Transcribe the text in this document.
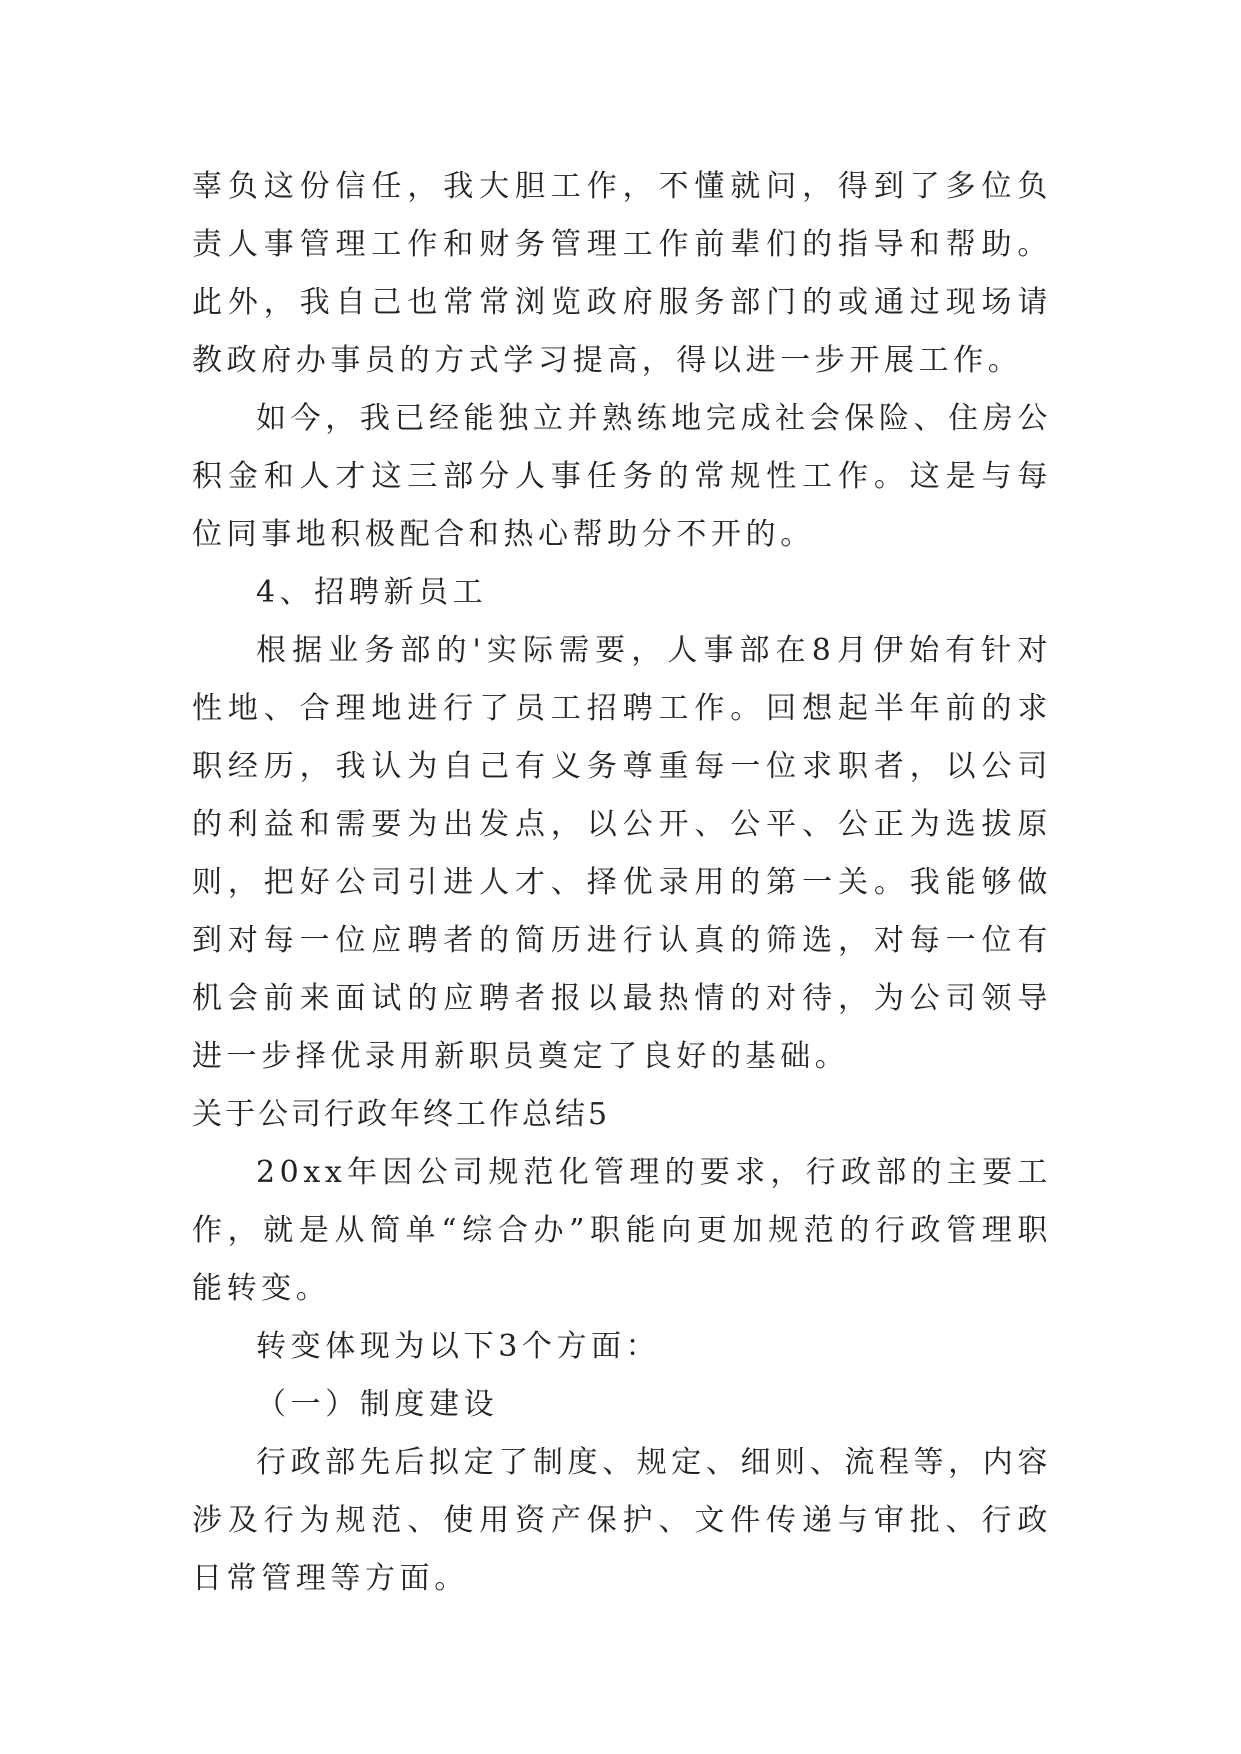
辜负这份信任，我大胆工作，不懂就问，得到了多位负责人事管理工作和财务管理工作前辈们的指导和帮助。此外，我自己也常常浏览政府服务部门的或通过现场请教政府办事员的方式学习提高，得以进一步开展工作。

如今，我已经能独立并熟练地完成社会保险、住房公积金和人才这三部分人事任务的常规性工作。这是与每位同事地积极配合和热心帮助分不开的。

4、招聘新员工

根据业务部的'实际需要，人事部在8月伊始有针对性地、合理地进行了员工招聘工作。回想起半年前的求职经历，我认为自己有义务尊重每一位求职者，以公司的利益和需要为出发点，以公开、公平、公正为选拔原则，把好公司引进人才、择优录用的第一关。我能够做到对每一位应聘者的简历进行认真的筛选，对每一位有机会前来面试的应聘者报以最热情的对待，为公司领导进一步择优录用新职员奠定了良好的基础。

关于公司行政年终工作总结5

20xx年因公司规范化管理的要求，行政部的主要工作，就是从简单“综合办”职能向更加规范的行政管理职能转变。

转变体现为以下3个方面：

（一）制度建设

行政部先后拟定了制度、规定、细则、流程等，内容涉及行为规范、使用资产保护、文件传递与审批、行政日常管理等方面。
